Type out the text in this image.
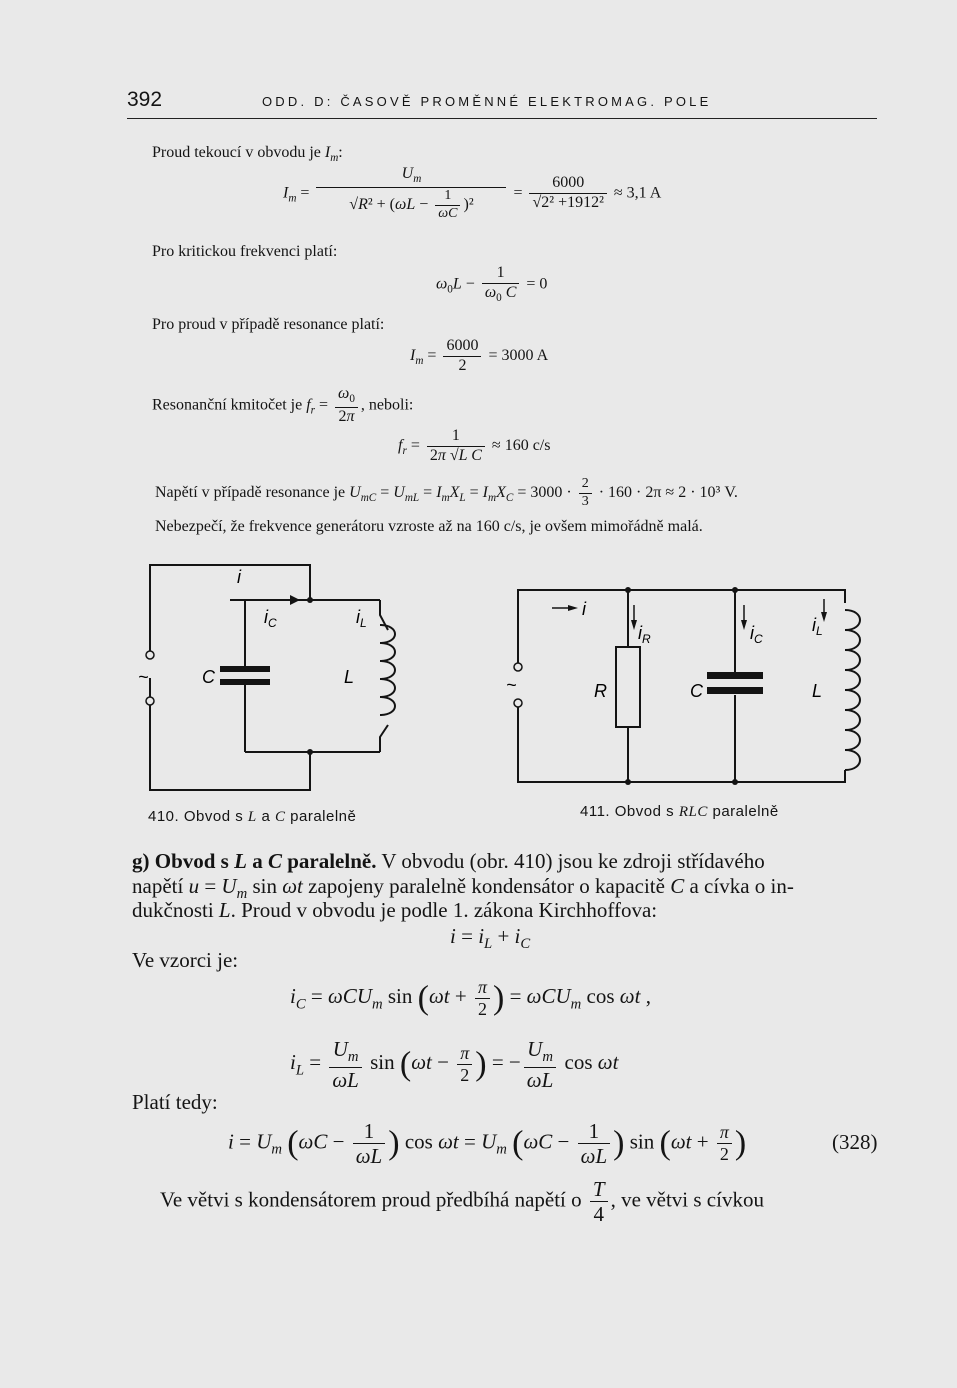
392	ODD. D: ČASOVĚ PROMĚNNÉ ELEKTROMAG. POLE
Proud tekoucí v obvodu je $I_m$:
$I_m = \frac{U_m}{√R^2 + (\omega L - \frac{1}{\omega C} )^2} = \frac{6000}{\text{√2² +1912²}} \approx 3,1$ A
Pro kritickou frekvenci platí:
$\omega_0L - \frac{1}{\omega_0 C} = 0$
Pro proud v případě resonance platí:
$I_m = \frac{6000}{2} = 3000$ A
Resonanční kmitočet je $f_r = \frac{\omega_0}{2\pi}$ , neboli:
$f_r = \frac{1}{\text{2π √L C}} \approx 160$ c/s
Napětí v případě resonance je $U_{mC} = U_{mL} = I_mX_L = I_mX_C = 3000 \cdot \frac{2}{3} \cdot 160 \cdot 2\pi \approx 2 \cdot 10^3$ V.
Nebezpečí, že frekvence generátoru vzroste až na 160 c/s, je ovšem mimořádně malá.
~
i
$i_C$	$i_L$
C	L	~
i
$i_R$	$i_C$
$i_L$
R	C	L
410. Obvod s L a C paralelně	411. Obvod s RLC paralelně
g) Obvod s L a C paralelně. V obvodu (obr. 410) jsou ke zdroji střídavého
napětí $u = U_m$ sin ωt zapojeny paralelně kondensátor o kapacitě C a cívka o in-
dukčnosti L. Proud v obvodu je podle 1. zákona Kirchhoffova:
$i = i_L + i_C$
Ve vzorci je:
$i_C = \omega CU_m$ $\sin (\omega t + \frac{\pi}{2}$ ) = ωCU$_m$ cos ωt ,
$i_L = \frac{U_m}{\omega L}$ $\sin (\omega t - \frac{\pi}{2}$ ) = − $\frac{U_m}{\omega L}$ cos ωt
Platí tedy:
$i = U_m$ ($\omega C - \frac{1}{\omega L}$ ) $\cos \omega t = U_m$ ($\omega C - \frac{1}{\omega L}$ ) $\sin (\omega t + \frac{\pi}{2}$ )	(328)
Ve větvi s kondensátorem proud předbíhá napětí o $\frac{T}{4}$ , ve větvi s cívkou
